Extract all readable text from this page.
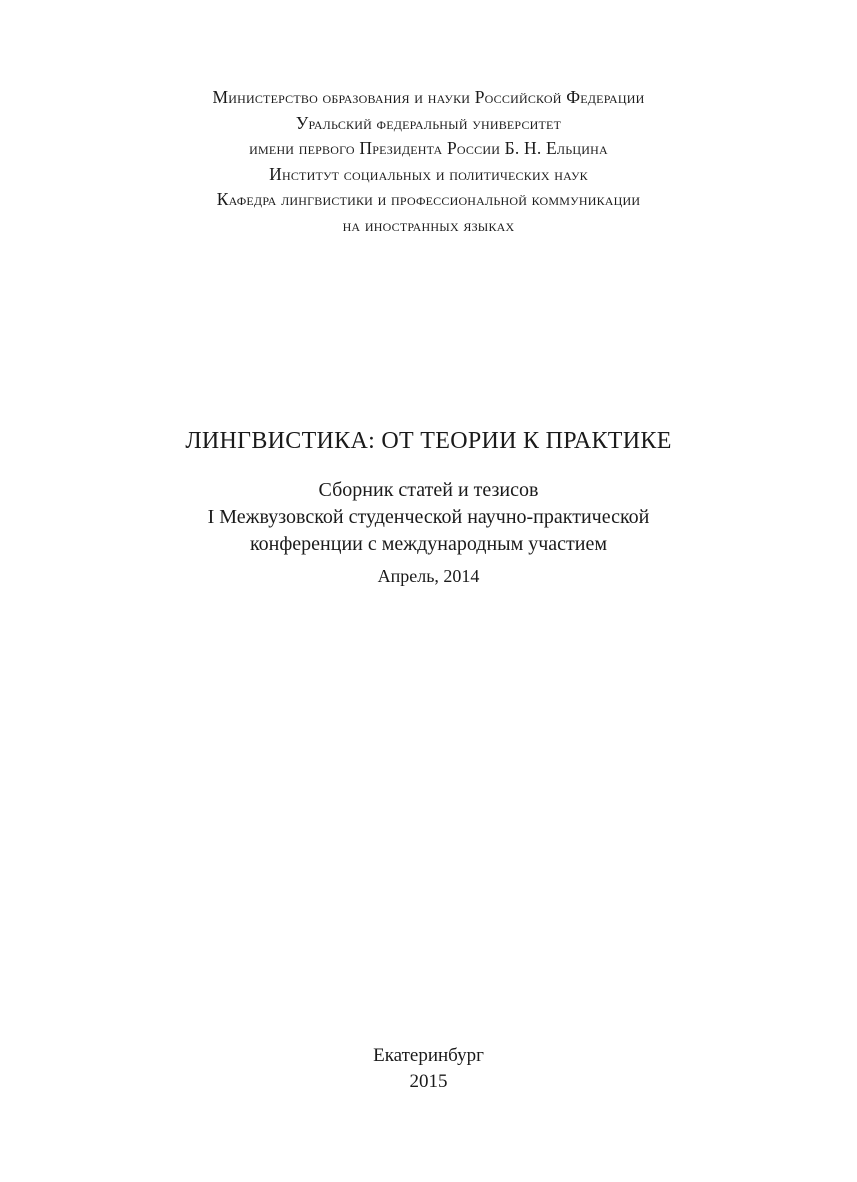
Министерство образования и науки Российской Федерации
Уральский федеральный университет
имени первого Президента России Б. Н. Ельцина
Институт социальных и политических наук
Кафедра лингвистики и профессиональной коммуникации
на иностранных языках
ЛИНГВИСТИКА: ОТ ТЕОРИИ К ПРАКТИКЕ
Сборник статей и тезисов
I Межвузовской студенческой научно-практической
конференции с международным участием
Апрель, 2014
Екатеринбург
2015
